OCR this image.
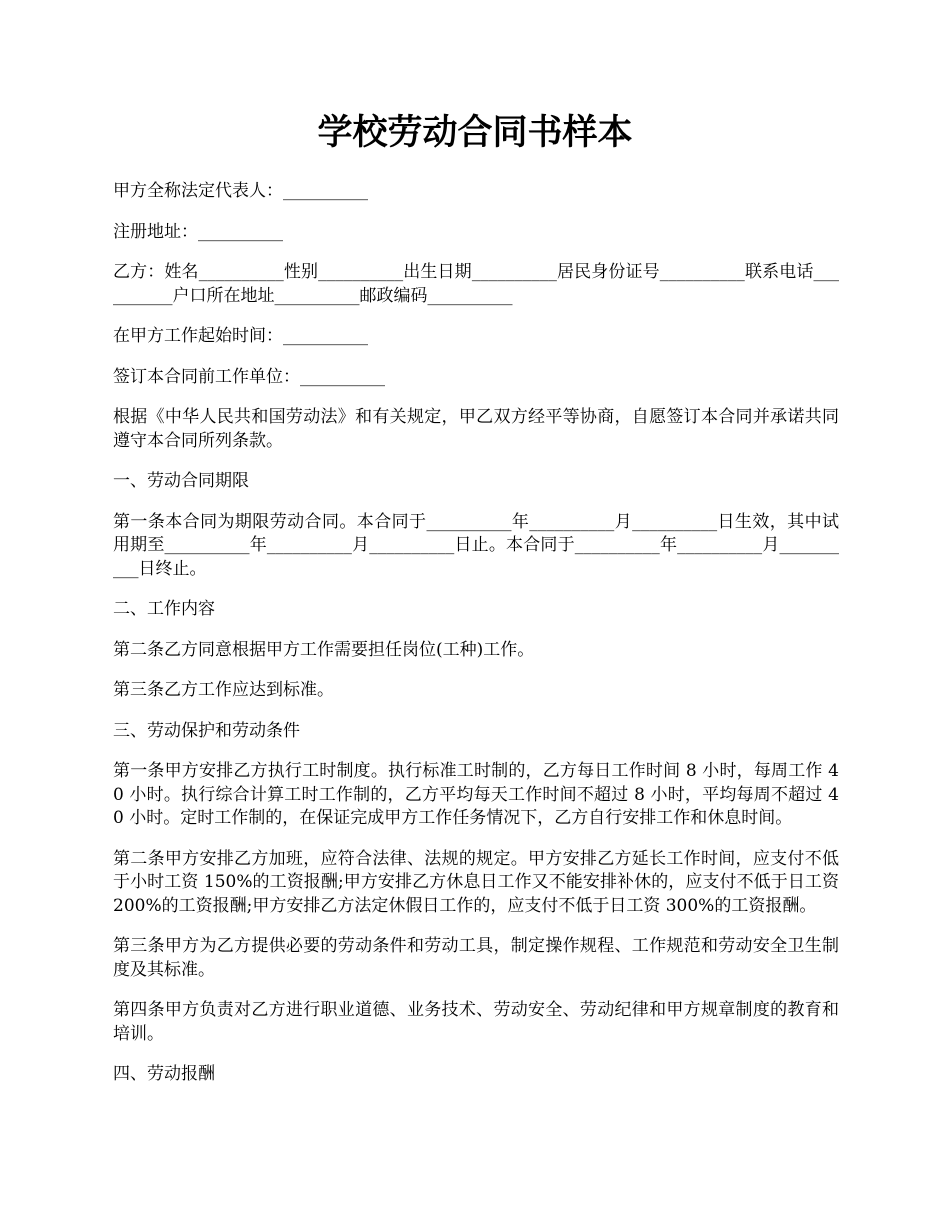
学校劳动合同书样本

甲方全称法定代表人：__________

注册地址：__________

乙方：姓名__________性别__________出生日期__________居民身份证号__________联系电话__________户口所在地址__________邮政编码__________

在甲方工作起始时间：__________

签订本合同前工作单位：__________

根据《中华人民共和国劳动法》和有关规定，甲乙双方经平等协商，自愿签订本合同并承诺共同遵守本合同所列条款。

一、劳动合同期限

第一条本合同为期限劳动合同。本合同于__________年__________月__________日生效，其中试用期至__________年__________月__________日止。本合同于__________年__________月__________日终止。

二、工作内容

第二条乙方同意根据甲方工作需要担任岗位(工种)工作。

第三条乙方工作应达到标准。

三、劳动保护和劳动条件

第一条甲方安排乙方执行工时制度。执行标准工时制的，乙方每日工作时间 8 小时，每周工作 40 小时。执行综合计算工时工作制的，乙方平均每天工作时间不超过 8 小时，平均每周不超过 40 小时。定时工作制的，在保证完成甲方工作任务情况下，乙方自行安排工作和休息时间。

第二条甲方安排乙方加班，应符合法律、法规的规定。甲方安排乙方延长工作时间，应支付不低于小时工资 150%的工资报酬;甲方安排乙方休息日工作又不能安排补休的，应支付不低于日工资 200%的工资报酬;甲方安排乙方法定休假日工作的，应支付不低于日工资 300%的工资报酬。

第三条甲方为乙方提供必要的劳动条件和劳动工具，制定操作规程、工作规范和劳动安全卫生制度及其标准。

第四条甲方负责对乙方进行职业道德、业务技术、劳动安全、劳动纪律和甲方规章制度的教育和培训。

四、劳动报酬
